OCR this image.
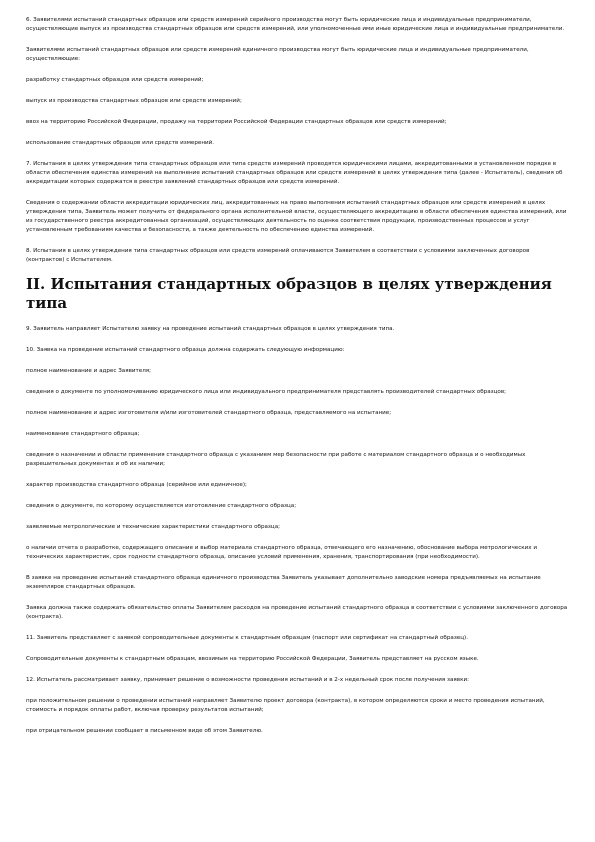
6. Заявителями испытаний стандартных образцов или средств измерений серийного производства могут быть юридические лица и индивидуальные предприниматели, осуществляющие выпуск из производства стандартных образцов или средств измерений, или уполномоченные ими иные юридические лица и индивидуальные предприниматели.

Заявителями испытаний стандартных образцов или средств измерений единичного производства могут быть юридические лица и индивидуальные предприниматели, осуществляющие:

разработку стандартных образцов или средств измерений;

выпуск из производства стандартных образцов или средств измерений;

ввоз на территорию Российской Федерации, продажу на территории Российской Федерации стандартных образцов или средств измерений;

использование стандартных образцов или средств измерений.

7. Испытания в целях утверждения типа стандартных образцов или типа средств измерений проводятся юридическими лицами, аккредитованными в установленном порядке в области обеспечения единства измерений на выполнение испытаний стандартных образцов или средств измерений в целях утверждения типа (далее - Испытатель), сведения об аккредитации которых содержатся в реестре заявлений стандартных образцов или средств измерений.

Сведения о содержании области аккредитации юридических лиц, аккредитованных на право выполнения испытаний стандартных образцов или средств измерений в целях утверждения типа, Заявитель может получить от федерального органа исполнительной власти, осуществляющего аккредитацию в области обеспечения единства измерений, или из государственного реестра аккредитованных организаций, осуществляющих деятельность по оценке соответствия продукции, производственных процессов и услуг установленным требованиям качества и безопасности, а также деятельность по обеспечению единства измерений.

8. Испытания в целях утверждения типа стандартных образцов или средств измерений оплачиваются Заявителем в соответствии с условиями заключенных договоров (контрактов) с Испытателем.

II. Испытания стандартных образцов в целях утверждения типа

9. Заявитель направляет Испытателю заявку на проведение испытаний стандартных образцов в целях утверждения типа.

10. Заявка на проведение испытаний стандартного образца должна содержать следующую информацию:

полное наименование и адрес Заявителя;

сведения о документе по уполномочиванию юридического лица или индивидуального предпринимателя представлять производителей стандартных образцов;

полное наименование и адрес изготовителя и/или изготовителей стандартного образца, представляемого на испытание;

наименование стандартного образца;

сведения о назначении и области применения стандартного образца с указанием мер безопасности при работе с материалом стандартного образца и о необходимых разрешительных документах и об их наличии;

характер производства стандартного образца (серийное или единичное);

сведения о документе, по которому осуществляется изготовление стандартного образца;

заявляемые метрологические и технические характеристики стандартного образца;

о наличии отчета о разработке, содержащего описание и выбор материала стандартного образца, отвечающего его назначению, обоснование выбора метрологических и технических характеристик, срок годности стандартного образца, описание условий применения, хранения, транспортирования (при необходимости).

В заявке на проведение испытаний стандартного образца единичного производства Заявитель указывает дополнительно заводские номера предъявляемых на испытание экземпляров стандартных образцов.

Заявка должна также содержать обязательство оплаты Заявителем расходов на проведение испытаний стандартного образца в соответствии с условиями заключенного договора (контракта).

11. Заявитель представляет с заявкой сопроводительные документы к стандартным образцам (паспорт или сертификат на стандартный образец).

Сопроводительные документы к стандартным образцам, ввозимым на территорию Российской Федерации, Заявитель представляет на русском языке.

12. Испытатель рассматривает заявку, принимает решение о возможности проведения испытаний и в 2-х недельный срок после получения заявки:

при положительном решении о проведении испытаний направляет Заявителю проект договора (контракта), в котором определяются сроки и место проведения испытаний, стоимость и порядок оплаты работ, включая проверку результатов испытаний;

при отрицательном решении сообщает в письменном виде об этом Заявителю.
